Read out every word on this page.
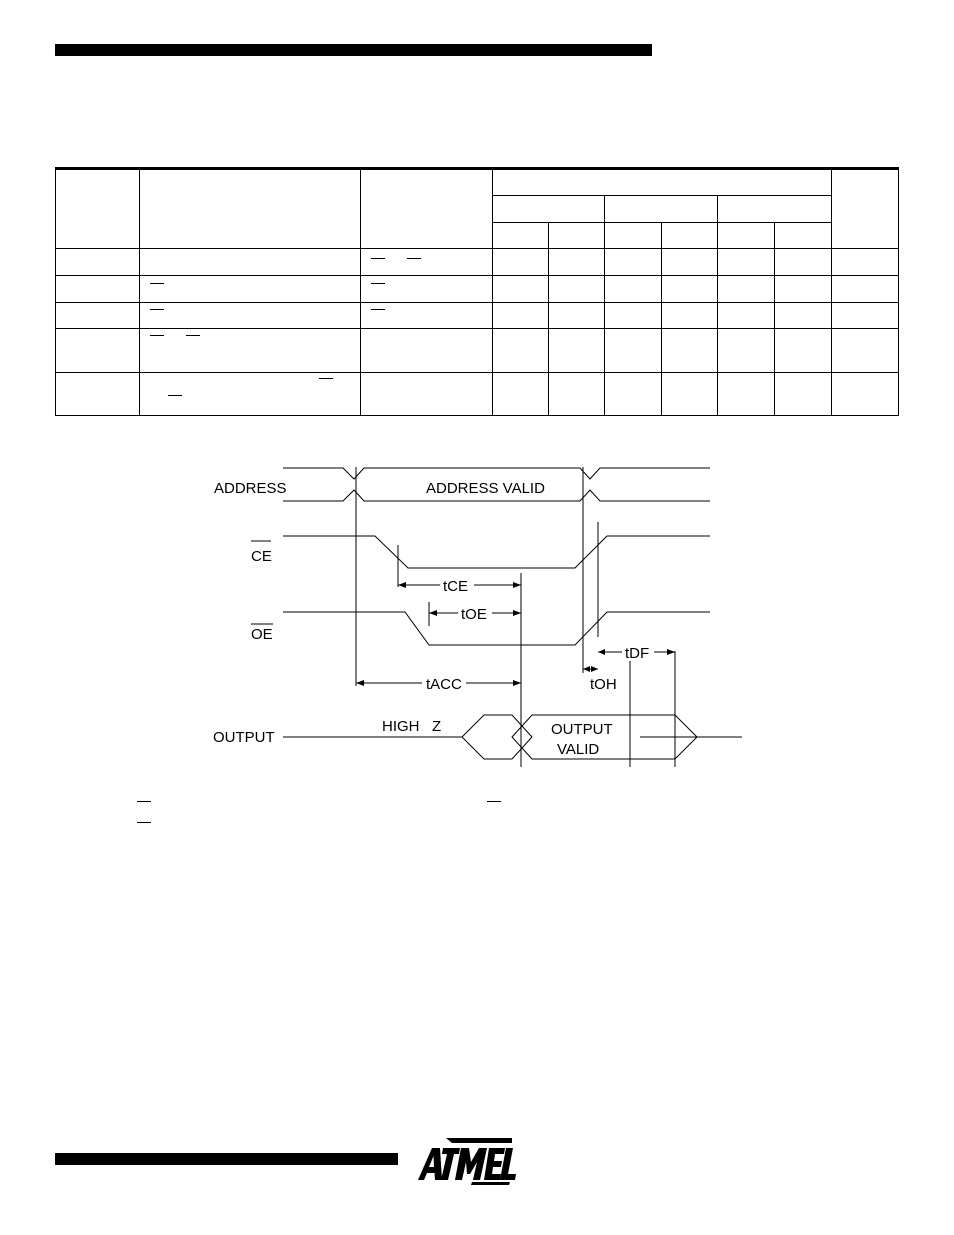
ADDRESS
CE
OE
OUTPUT
ADDRESS VALID
HIGH   Z	OUTPUT
VALID
tCE
tOE
tACC	tOH
tDF
